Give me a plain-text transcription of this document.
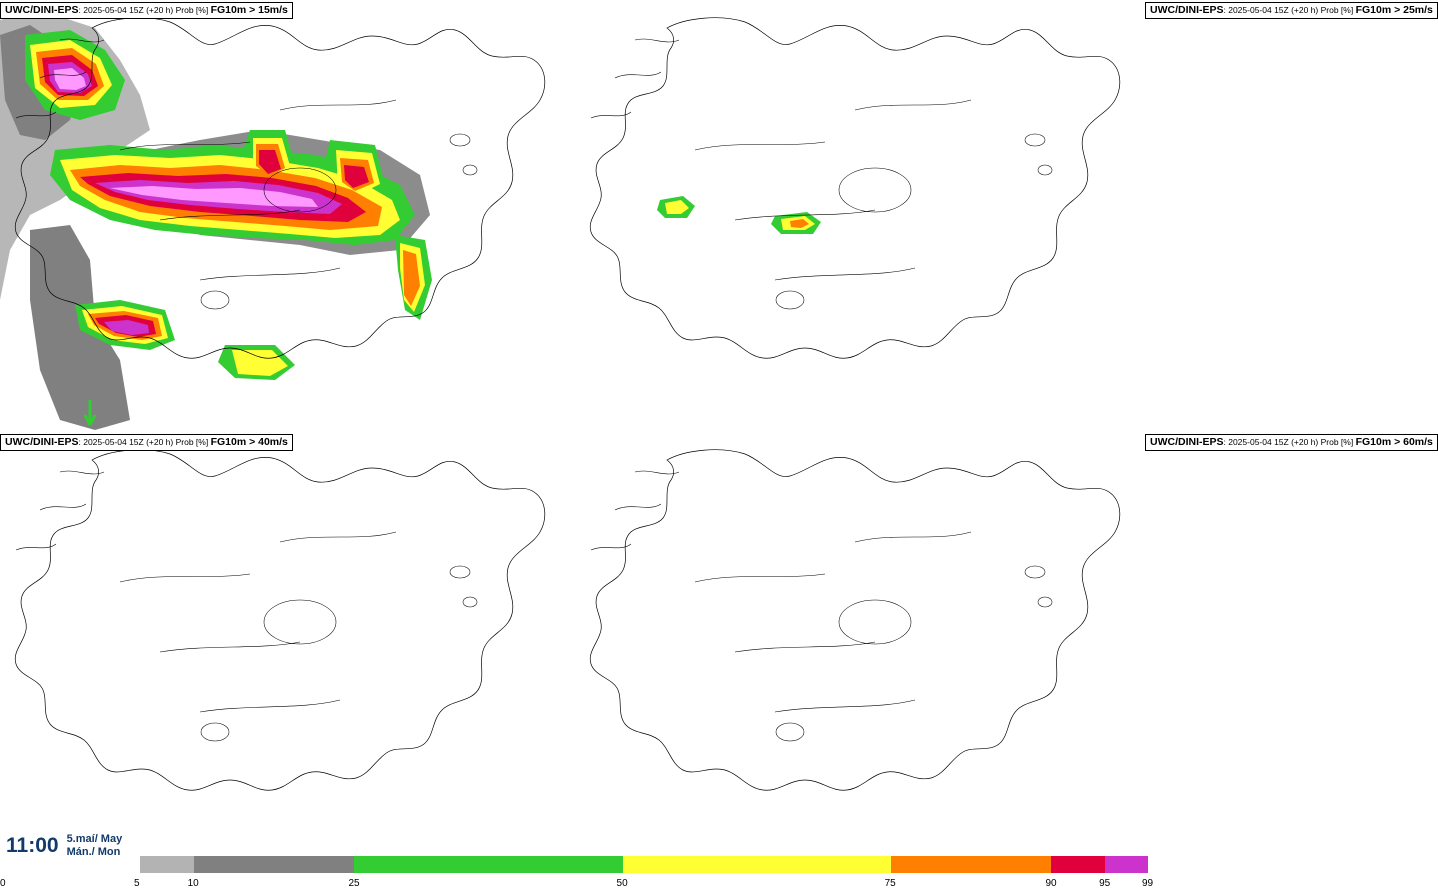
UWC/DINI-EPS: 2025-05-04 15Z (+20 h) Prob [%] FG10m > 15m/s	UWC/DINI-EPS: 2025-05-04 15Z (+20 h) Prob [%] FG10m > 25m/s
UWC/DINI-EPS: 2025-05-04 15Z (+20 h) Prob [%] FG10m > 40m/s	UWC/DINI-EPS: 2025-05-04 15Z (+20 h) Prob [%] FG10m > 60m/s
11:00 5.maí/ May
Mán./ Mon
0	5	10	25	50	75	90	95	99
